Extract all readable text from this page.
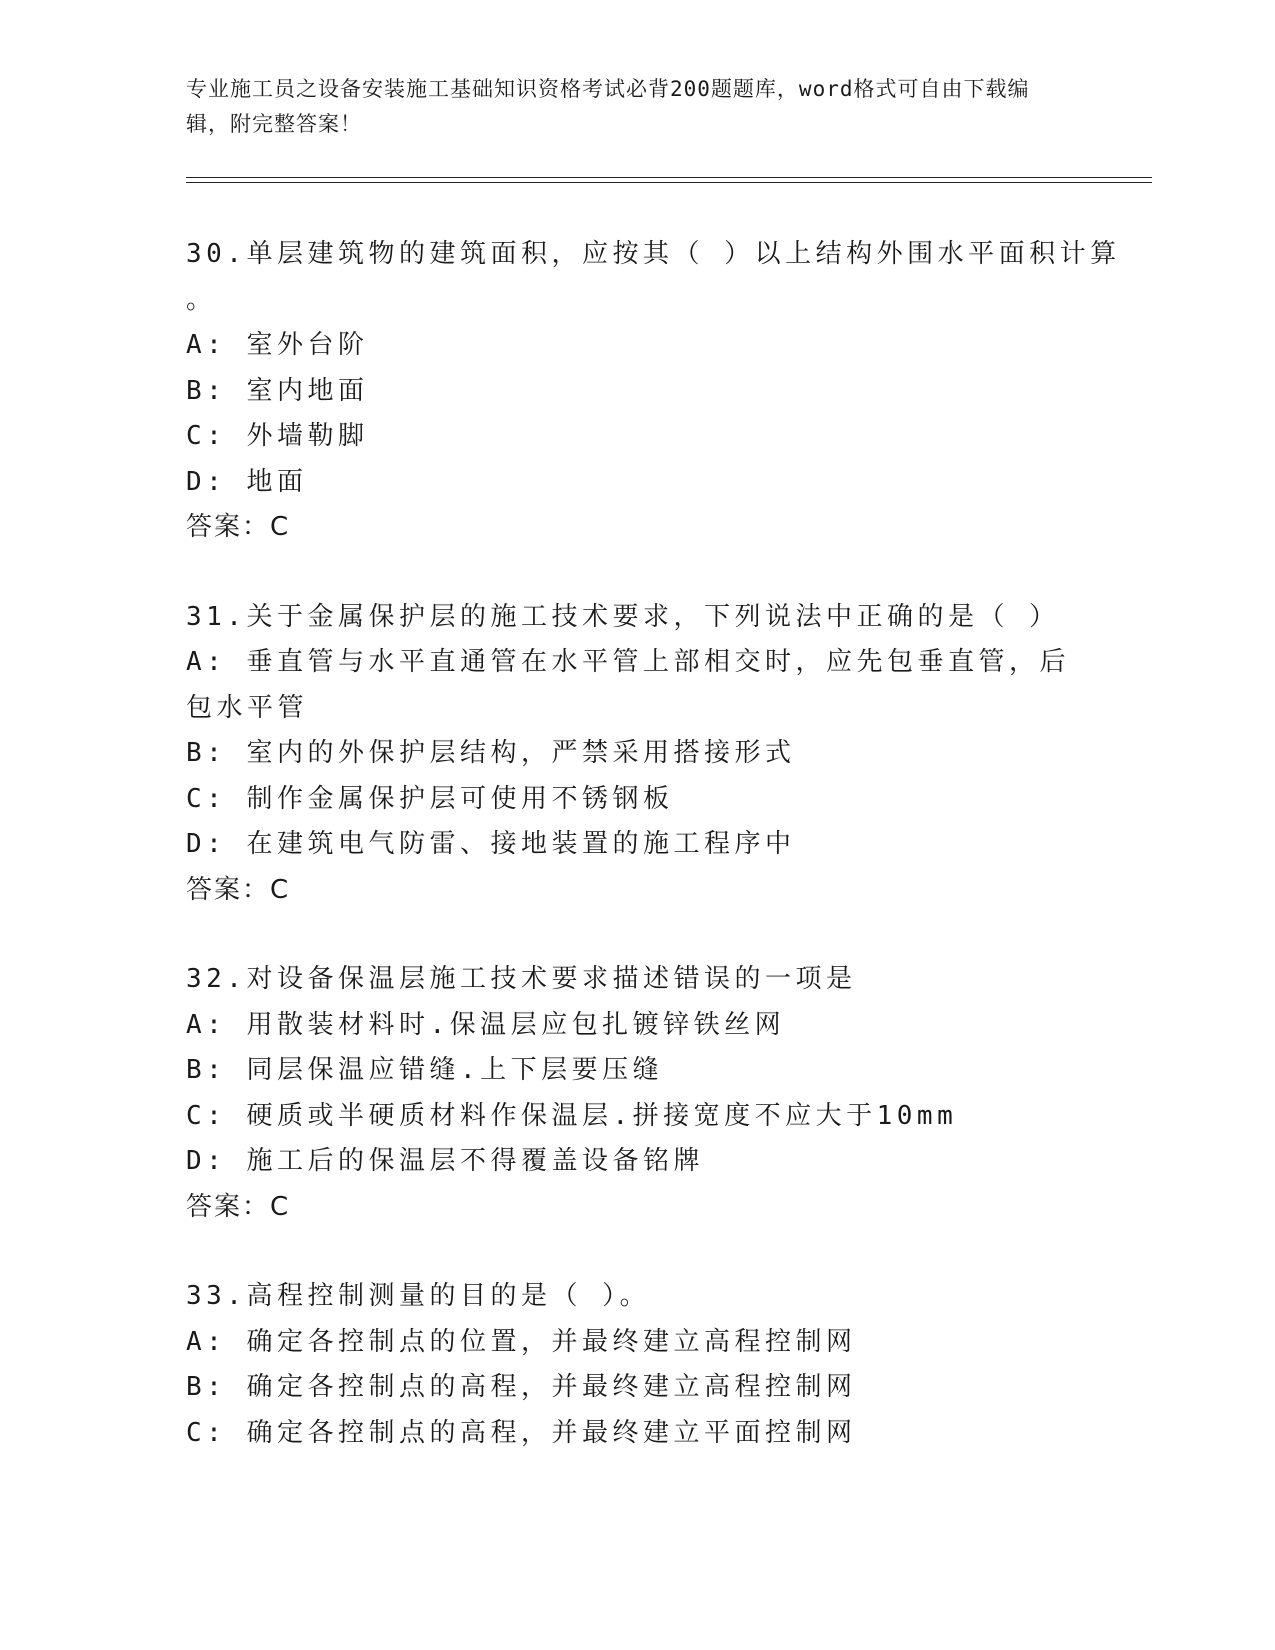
专业施工员之设备安装施工基础知识资格考试必背200题题库，word格式可自由下载编辑，附完整答案！
30.单层建筑物的建筑面积，应按其（ ）以上结构外围水平面积计算
。
A: 室外台阶
B: 室内地面
C: 外墙勒脚
D: 地面
答案：C
31.关于金属保护层的施工技术要求，下列说法中正确的是（ ）
A: 垂直管与水平直通管在水平管上部相交时，应先包垂直管，后包水平管
B: 室内的外保护层结构，严禁采用搭接形式
C: 制作金属保护层可使用不锈钢板
D: 在建筑电气防雷、接地装置的施工程序中
答案：C
32.对设备保温层施工技术要求描述错误的一项是
A: 用散装材料时.保温层应包扎镀锌铁丝网
B: 同层保温应错缝.上下层要压缝
C: 硬质或半硬质材料作保温层.拼接宽度不应大于10mm
D: 施工后的保温层不得覆盖设备铭牌
答案：C
33.高程控制测量的目的是（ ）。
A: 确定各控制点的位置，并最终建立高程控制网
B: 确定各控制点的高程，并最终建立高程控制网
C: 确定各控制点的高程，并最终建立平面控制网
